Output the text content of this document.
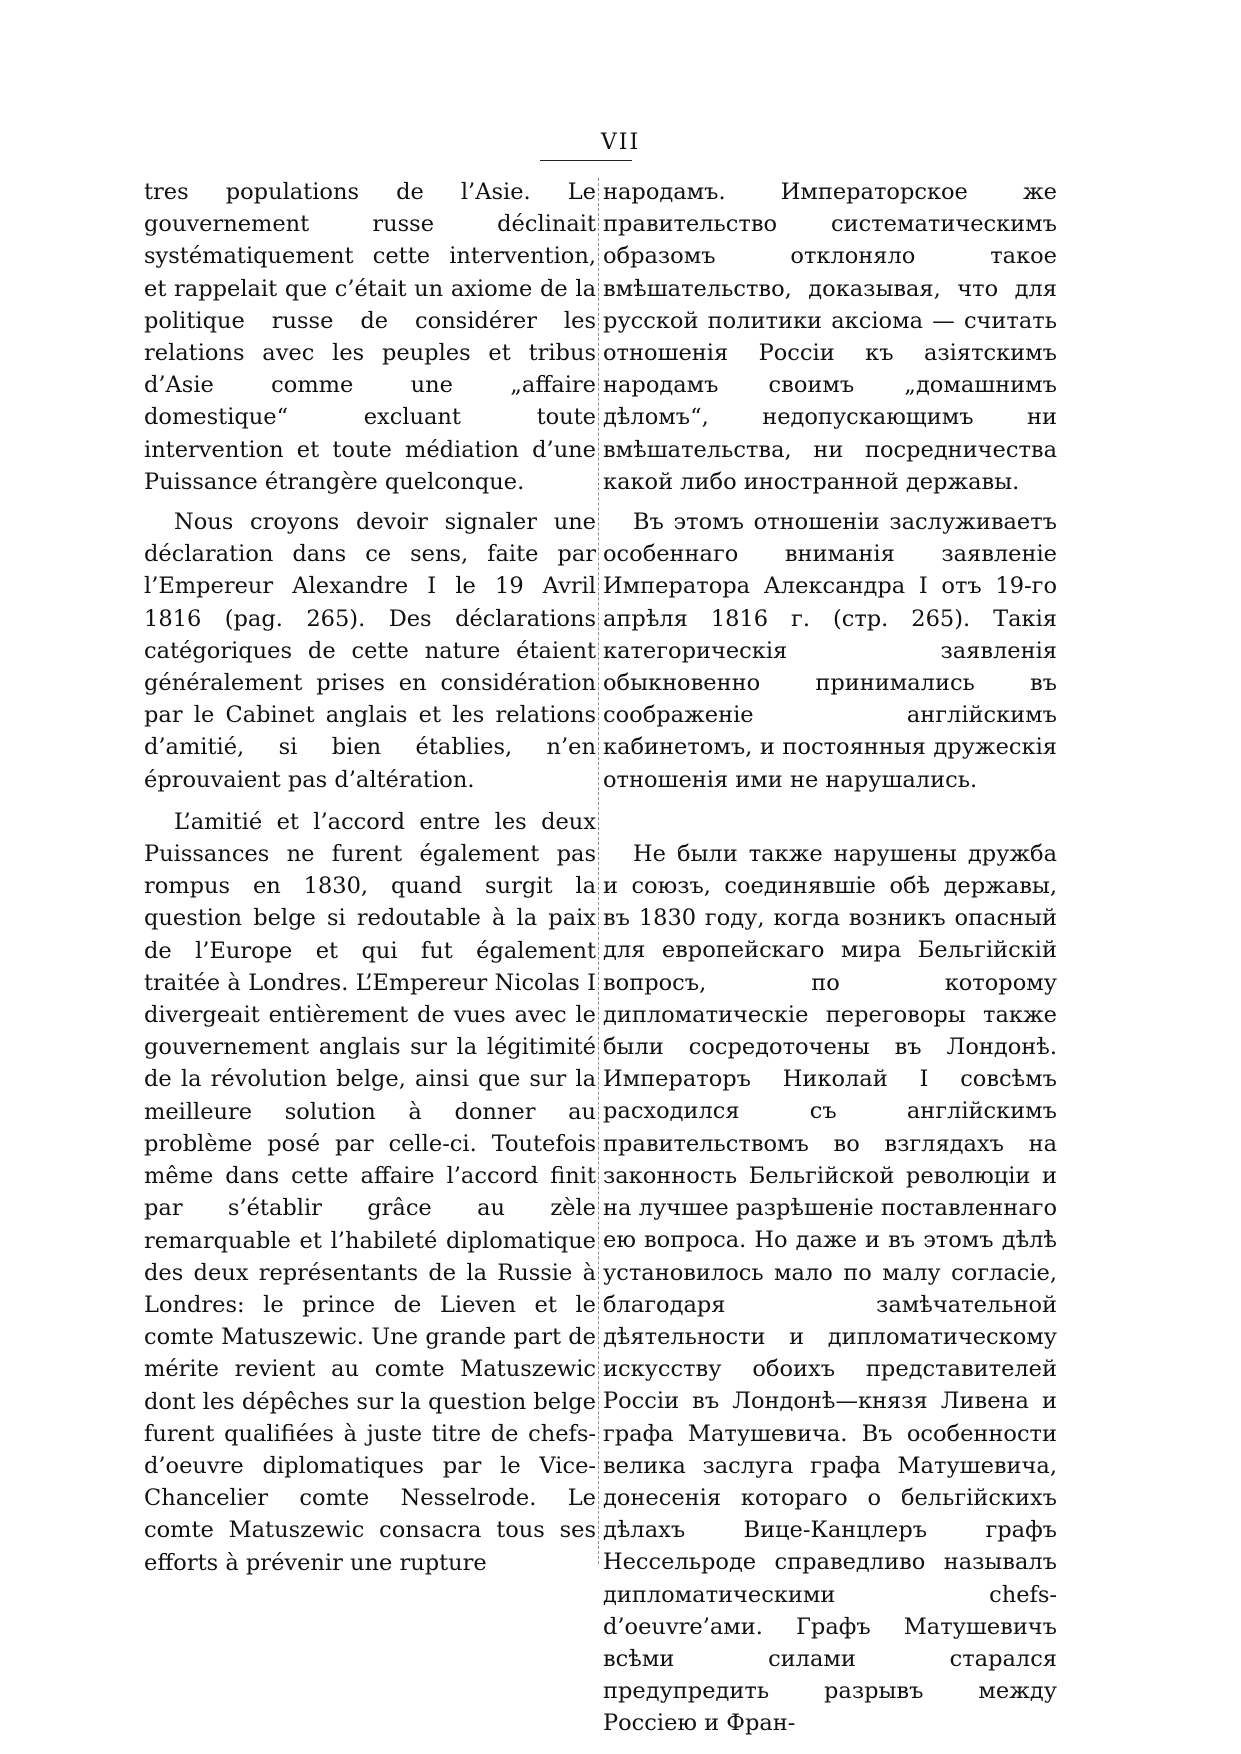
VII

tres populations de l’Asie. Le gouvernement russe déclinait systématiquement cette intervention, et rappelait que c’était un axiome de la politique russe de considérer les relations avec les peuples et tribus d’Asie comme une „affaire domestique“ excluant toute intervention et toute médiation d’une Puissance étrangère quelconque.

Nous croyons devoir signaler une déclaration dans ce sens, faite par l’Empereur Alexandre I le 19 Avril 1816 (pag. 265). Des déclarations catégoriques de cette nature étaient généralement prises en considération par le Cabinet anglais et les relations d’amitié, si bien établies, n’en éprouvaient pas d’altération.

L’amitié et l’accord entre les deux Puissances ne furent également pas rompus en 1830, quand surgit la question belge si redoutable à la paix de l’Europe et qui fut également traitée à Londres. L’Empereur Nicolas I divergeait entièrement de vues avec le gouvernement anglais sur la légitimité de la révolution belge, ainsi que sur la meilleure solution à donner au problème posé par celle-ci. Toutefois même dans cette affaire l’accord finit par s’établir grâce au zèle remarquable et l’habileté diplomatique des deux représentants de la Russie à Londres: le prince de Lieven et le comte Matuszewic. Une grande part de mérite revient au comte Matuszewic dont les dépêches sur la question belge furent qualifiées à juste titre de chefs-d’oeuvre diplomatiques par le Vice-Chancelier comte Nesselrode. Le comte Matuszewic consacra tous ses efforts à prévenir une rupture

народамъ. Императорское же правительство систематическимъ образомъ отклоняло такое вмѣшательство, доказывая, что для русской политики аксіома — считать отношенія Россіи къ азіятскимъ народамъ своимъ „домашнимъ дѣломъ“, недопускающимъ ни вмѣшательства, ни посредничества какой либо иностранной державы.

Въ этомъ отношеніи заслуживаетъ особеннаго вниманія заявленіе Императора Александра I отъ 19-го апрѣля 1816 г. (стр. 265). Такія категорическія заявленія обыкновенно принимались въ соображеніе англійскимъ кабинетомъ, и постоянныя дружескія отношенія ими не нарушались.

Не были также нарушены дружба и союзъ, соединявшіе обѣ державы, въ 1830 году, когда возникъ опасный для европейскаго мира Бельгійскій вопросъ, по которому дипломатическіе переговоры также были сосредоточены въ Лондонѣ. Императоръ Николай I совсѣмъ расходился съ англійскимъ правительствомъ во взглядахъ на законность Бельгійской революціи и на лучшее разрѣшеніе поставленнаго ею вопроса. Но даже и въ этомъ дѣлѣ установилось мало по малу согласіе, благодаря замѣчательной дѣятельности и дипломатическому искусству обоихъ представителей Россіи въ Лондонѣ—князя Ливена и графа Матушевича. Въ особенности велика заслуга графа Матушевича, донесенія котораго о бельгійскихъ дѣлахъ Вице-Канцлеръ графъ Нессельроде справедливо называлъ дипломатическими chefs-d’oeuvre’ами. Графъ Матушевичъ всѣми силами старался предупредить разрывъ между Россіею и Фран-
